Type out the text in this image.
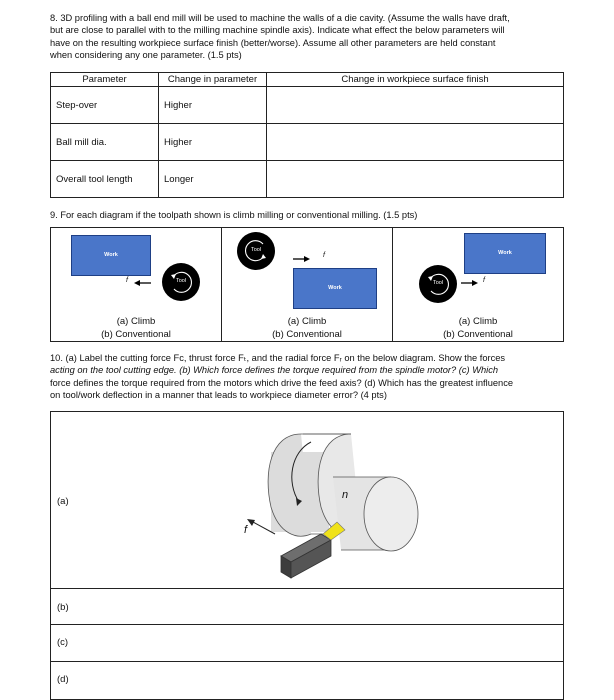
8. 3D profiling with a ball end mill will be used to machine the walls of a die cavity. (Assume the walls have draft,
but are close to parallel with to the milling machine spindle axis). Indicate what effect the below parameters will
have on the resulting workpiece surface finish (better/worse). Assume all other parameters are held constant
when considering any one parameter. (1.5 pts)
Parameter	Change in parameter	Change in workpiece surface finish
Step-over	Higher	
Ball mill dia.	Higher	
Overall tool length	Longer	
9. For each diagram if the toolpath shown is climb milling or conventional milling. (1.5 pts)
Work
Tool
f
(a) Climb
(b) Conventional
Tool
f
Work
(a) Climb
(b) Conventional
Work
Tool	f
(a) Climb
(b) Conventional
10. (a) Label the cutting force Fᴄ, thrust force Fₜ, and the radial force Fᵣ on the below diagram. Show the forces
acting on the tool cutting edge. (b) Which force defines the torque required from the spindle motor? (c) Which
force defines the torque required from the motors which drive the feed axis? (d) Which has the greatest influence
on tool/work deflection in a manner that leads to workpiece diameter error? (4 pts)
(a)
(b)
(c)
(d)
n
f
